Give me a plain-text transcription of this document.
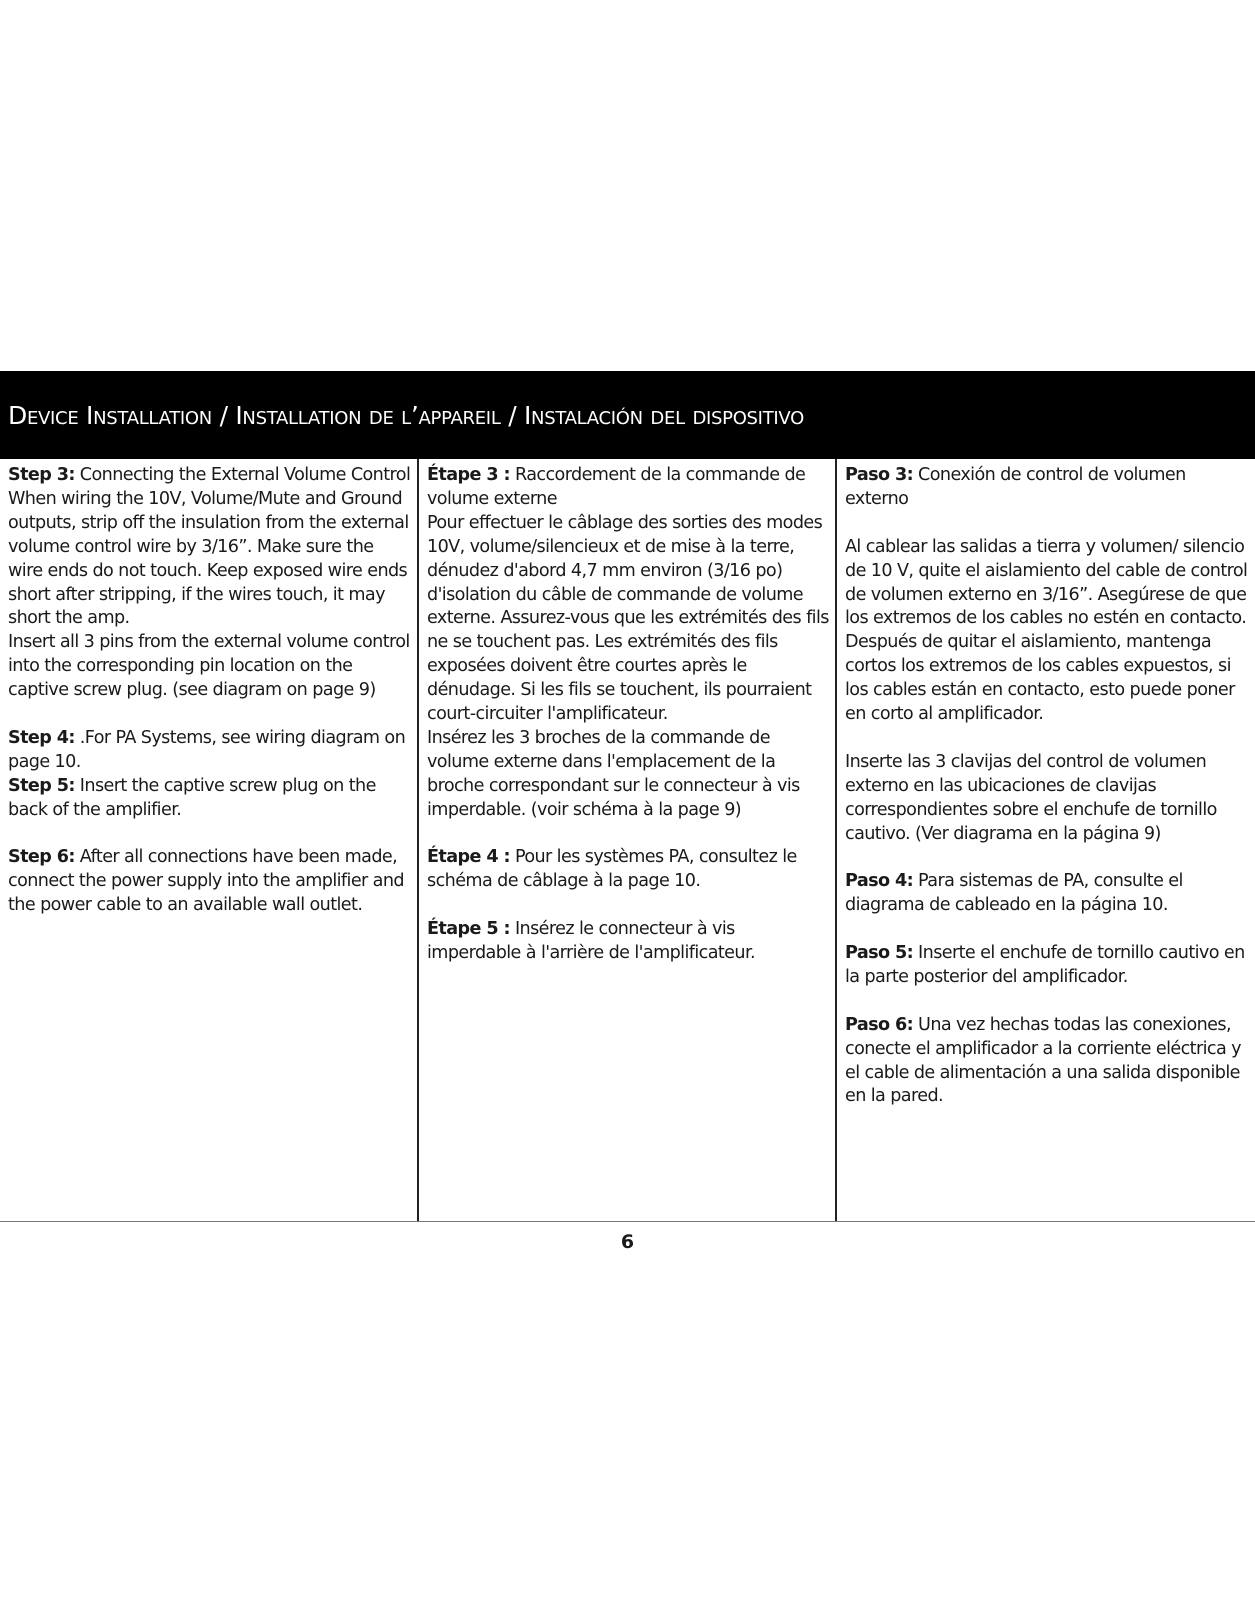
Device Installation / Installation de l’appareil / Instalación del dispositivo

Step 3: Connecting the External Volume Control When wiring the 10V, Volume/Mute and Ground outputs, strip off the insulation from the external volume control wire by 3/16”. Make sure the wire ends do not touch. Keep exposed wire ends short after stripping, if the wires touch, it may short the amp.

Insert all 3 pins from the external volume control into the corresponding pin location on the captive screw plug. (see diagram on page 9)

Step 4: .For PA Systems, see wiring diagram on page 10.

Step 5: Insert the captive screw plug on the back of the amplifier.

Step 6: After all connections have been made, connect the power supply into the amplifier and the power cable to an available wall outlet.

Étape 3 : Raccordement de la commande de volume externe

Pour effectuer le câblage des sorties des modes 10V, volume/silencieux et de mise à la terre, dénudez d'abord 4,7 mm environ (3/16 po) d'isolation du câble de commande de volume externe. Assurez-vous que les extrémités des fils ne se touchent pas. Les extrémités des fils exposées doivent être courtes après le dénudage. Si les fils se touchent, ils pourraient court-circuiter l'amplificateur.

Insérez les 3 broches de la commande de volume externe dans l'emplacement de la broche correspondant sur le connecteur à vis imperdable. (voir schéma à la page 9)

Étape 4 : Pour les systèmes PA, consultez le schéma de câblage à la page 10.

Étape 5 : Insérez le connecteur à vis imperdable à l'arrière de l'amplificateur.

Paso 3: Conexión de control de volumen externo

Al cablear las salidas a tierra y volumen/ silencio de 10 V, quite el aislamiento del cable de control de volumen externo en 3/16”. Asegúrese de que los extremos de los cables no estén en contacto. Después de quitar el aislamiento, mantenga cortos los extremos de los cables expuestos, si los cables están en contacto, esto puede poner en corto al amplificador.

Inserte las 3 clavijas del control de volumen externo en las ubicaciones de clavijas correspondientes sobre el enchufe de tornillo cautivo. (Ver diagrama en la página 9)

Paso 4: Para sistemas de PA, consulte el diagrama de cableado en la página 10.

Paso 5: Inserte el enchufe de tornillo cautivo en la parte posterior del amplificador.

Paso 6: Una vez hechas todas las conexiones, conecte el amplificador a la corriente eléctrica y el cable de alimentación a una salida disponible en la pared.

6
